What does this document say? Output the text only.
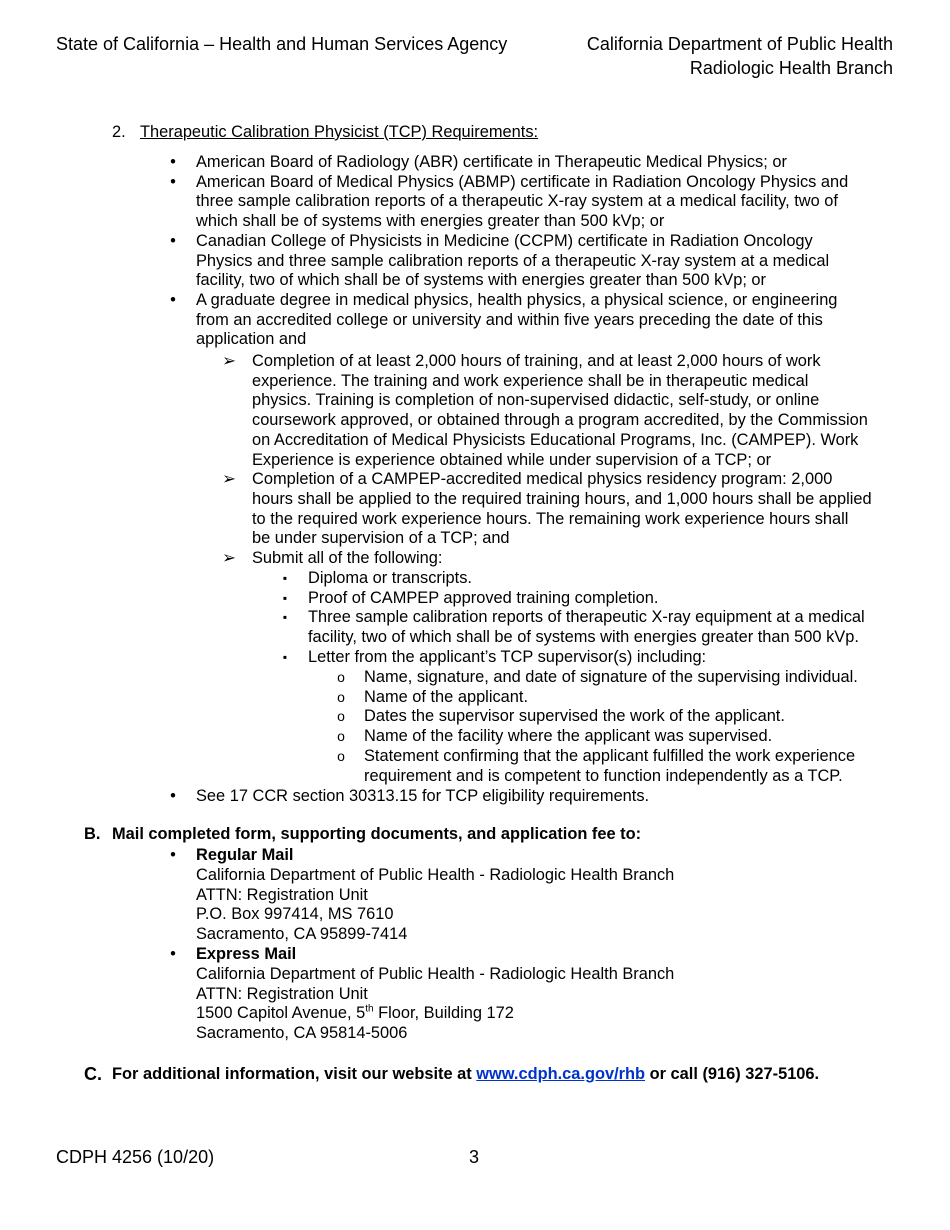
State of California – Health and Human Services Agency	California Department of Public Health
Radiologic Health Branch
2. Therapeutic Calibration Physicist (TCP) Requirements:
• American Board of Radiology (ABR) certificate in Therapeutic Medical Physics; or
• American Board of Medical Physics (ABMP) certificate in Radiation Oncology Physics and
three sample calibration reports of a therapeutic X-ray system at a medical facility, two of
which shall be of systems with energies greater than 500 kVp; or
• Canadian College of Physicists in Medicine (CCPM) certificate in Radiation Oncology
Physics and three sample calibration reports of a therapeutic X-ray system at a medical
facility, two of which shall be of systems with energies greater than 500 kVp; or
• A graduate degree in medical physics, health physics, a physical science, or engineering
from an accredited college or university and within five years preceding the date of this
application and
➢ Completion of at least 2,000 hours of training, and at least 2,000 hours of work
experience. The training and work experience shall be in therapeutic medical
physics. Training is completion of non-supervised didactic, self-study, or online
coursework approved, or obtained through a program accredited, by the Commission
on Accreditation of Medical Physicists Educational Programs, Inc. (CAMPEP). Work
Experience is experience obtained while under supervision of a TCP; or
➢ Completion of a CAMPEP-accredited medical physics residency program: 2,000
hours shall be applied to the required training hours, and 1,000 hours shall be applied
to the required work experience hours. The remaining work experience hours shall
be under supervision of a TCP; and
➢ Submit all of the following:
▪ Diploma or transcripts.
▪ Proof of CAMPEP approved training completion.
▪ Three sample calibration reports of therapeutic X-ray equipment at a medical
facility, two of which shall be of systems with energies greater than 500 kVp.
▪ Letter from the applicant’s TCP supervisor(s) including:
o Name, signature, and date of signature of the supervising individual.
o Name of the applicant.
o Dates the supervisor supervised the work of the applicant.
o Name of the facility where the applicant was supervised.
o Statement confirming that the applicant fulfilled the work experience
requirement and is competent to function independently as a TCP.
• See 17 CCR section 30313.15 for TCP eligibility requirements.
B. Mail completed form, supporting documents, and application fee to:
• Regular Mail
California Department of Public Health - Radiologic Health Branch
ATTN: Registration Unit
P.O. Box 997414, MS 7610
Sacramento, CA 95899-7414
• Express Mail
California Department of Public Health - Radiologic Health Branch
ATTN: Registration Unit
1500 Capitol Avenue, 5th Floor, Building 172
Sacramento, CA 95814-5006
C. For additional information, visit our website at www.cdph.ca.gov/rhb or call (916) 327-5106.
CDPH 4256 (10/20)	3
